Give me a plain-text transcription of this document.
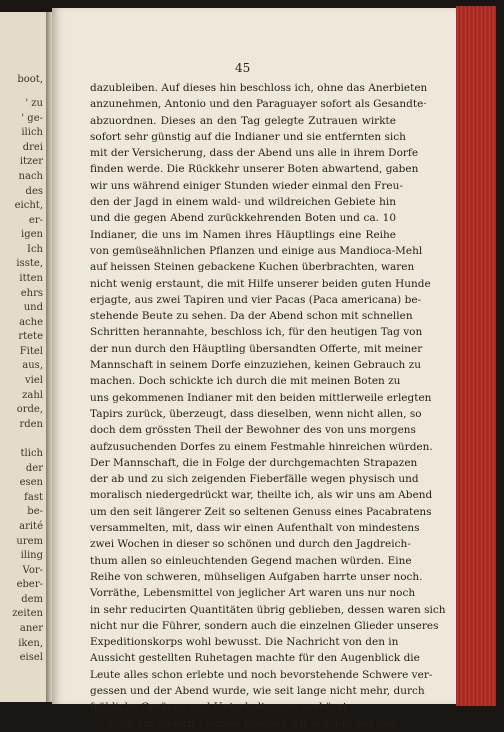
boot,
' zu
' ge-
ilich
drei
itzer
nach
des
eicht,
er-
igen
Ich
isste,
itten
ehrs
und
ache
rtete
Fitel
aus,
viel
zahl
orde,
rden
tlich
der
esen
fast
be-
arité
urem
iling
Vor-
eber-
dem
zeiten
aner
iken,
eisel
45
dazubleiben. Auf dieses hin beschloss ich, ohne das Anerbieten
anzunehmen, Antonio und den Paraguayer sofort als Gesandte·
abzuordnen. Dieses an den Tag gelegte Zutrauen wirkte
sofort sehr günstig auf die Indianer und sie entfernten sich
mit der Versicherung, dass der Abend uns alle in ihrem Dorfe
finden werde. Die Rückkehr unserer Boten abwartend, gaben
wir uns während einiger Stunden wieder einmal den Freu-
den der Jagd in einem wald- und wildreichen Gebiete hin
und die gegen Abend zurückkehrenden Boten und ca. 10
Indianer, die uns im Namen ihres Häuptlings eine Reihe
von gemüseähnlichen Pflanzen und einige aus Mandioca-Mehl
auf heissen Steinen gebackene Kuchen überbrachten, waren
nicht wenig erstaunt, die mit Hilfe unserer beiden guten Hunde
erjagte, aus zwei Tapiren und vier Pacas (Paca americana) be-
stehende Beute zu sehen. Da der Abend schon mit schnellen
Schritten herannahte, beschloss ich, für den heutigen Tag von
der nun durch den Häuptling übersandten Offerte, mit meiner
Mannschaft in seinem Dorfe einzuziehen, keinen Gebrauch zu
machen. Doch schickte ich durch die mit meinen Boten zu
uns gekommenen Indianer mit den beiden mittlerweile erlegten
Tapirs zurück, überzeugt, dass dieselben, wenn nicht allen, so
doch dem grössten Theil der Bewohner des von uns morgens
aufzusuchenden Dorfes zu einem Festmahle hinreichen würden.
Der Mannschaft, die in Folge der durchgemachten Strapazen
der ab und zu sich zeigenden Fieberfälle wegen physisch und
moralisch niedergedrückt war, theilte ich, als wir uns am Abend
um den seit längerer Zeit so seltenen Genuss eines Pacabratens
versammelten, mit, dass wir einen Aufenthalt von mindestens
zwei Wochen in dieser so schönen und durch den Jagdreich-
thum allen so einleuchtenden Gegend machen würden. Eine
Reihe von schweren, mühseligen Aufgaben harrte unser noch.
Vorräthe, Lebensmittel von jeglicher Art waren uns nur noch
in sehr reducirten Quantitäten übrig geblieben, dessen waren sich
nicht nur die Führer, sondern auch die einzelnen Glieder unseres
Expeditionskorps wohl bewusst. Die Nachricht von den in
Aussicht gestellten Ruhetagen machte für den Augenblick die
Leute alles schon erlebte und noch bevorstehende Schwere ver-
gessen und der Abend wurde, wie seit lange nicht mehr, durch
fröhliche Gesänge und Unterhaltungen verkürzt.
Früh am andern Morgen brachen wir auf, um das uns
